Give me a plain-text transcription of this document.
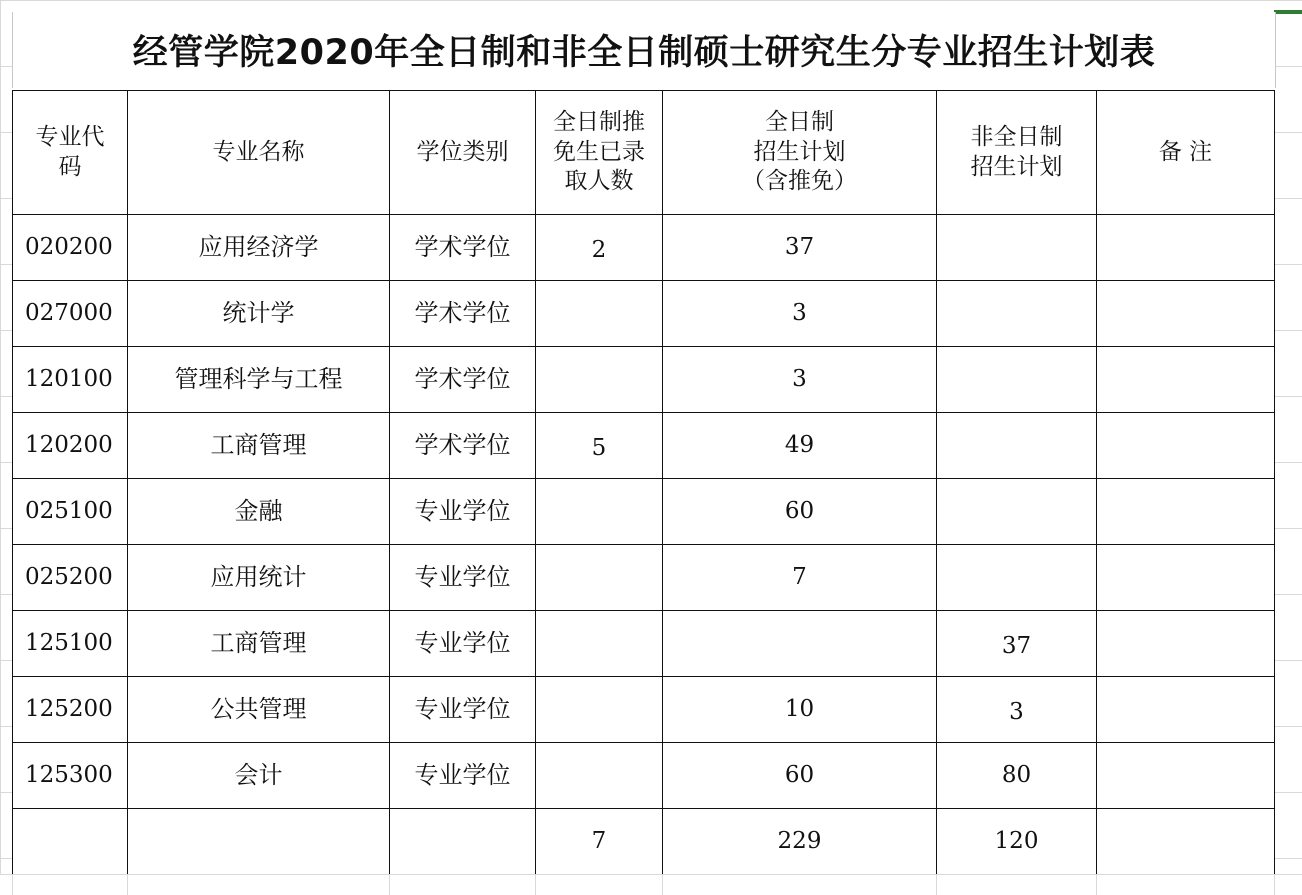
经管学院2020年全日制和非全日制硕士研究生分专业招生计划表
专业代
码	专业名称	学位类别	全日制推
免生已录
取人数	全日制
招生计划
（含推免）	非全日制
招生计划	备 注
020200	应用经济学	学术学位	2	37		
027000	统计学	学术学位		3		
120100	管理科学与工程	学术学位		3		
120200	工商管理	学术学位	5	49		
025100	金融	专业学位		60		
025200	应用统计	专业学位		7		
125100	工商管理	专业学位			37	
125200	公共管理	专业学位		10	3	
125300	会计	专业学位		60	80	
			7	229	120	
